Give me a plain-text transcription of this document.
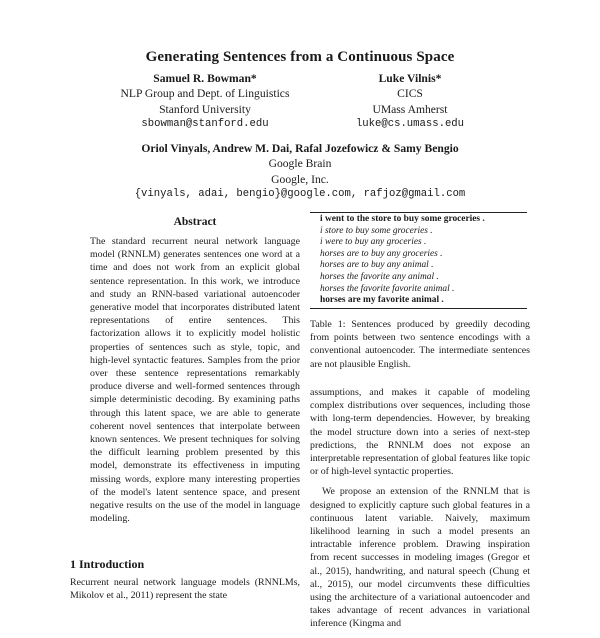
Generating Sentences from a Continuous Space
Samuel R. Bowman*
NLP Group and Dept. of Linguistics
Stanford University
sbowman@stanford.edu
Luke Vilnis*
CICS
UMass Amherst
luke@cs.umass.edu
Oriol Vinyals, Andrew M. Dai, Rafal Jozefowicz & Samy Bengio
Google Brain
Google, Inc.
{vinyals, adai, bengio}@google.com, rafjoz@gmail.com
Abstract
The standard recurrent neural network language model (RNNLM) generates sentences one word at a time and does not work from an explicit global sentence representation. In this work, we introduce and study an RNN-based variational autoencoder generative model that incorporates distributed latent representations of entire sentences. This factorization allows it to explicitly model holistic properties of sentences such as style, topic, and high-level syntactic features. Samples from the prior over these sentence representations remarkably produce diverse and well-formed sentences through simple deterministic decoding. By examining paths through this latent space, we are able to generate coherent novel sentences that interpolate between known sentences. We present techniques for solving the difficult learning problem presented by this model, demonstrate its effectiveness in imputing missing words, explore many interesting properties of the model's latent sentence space, and present negative results on the use of the model in language modeling.
i went to the store to buy some groceries .
i store to buy some groceries .
i were to buy any groceries .
horses are to buy any groceries .
horses are to buy any animal .
horses the favorite any animal .
horses the favorite favorite animal .
horses are my favorite animal .
Table 1: Sentences produced by greedily decoding from points between two sentence encodings with a conventional autoencoder. The intermediate sentences are not plausible English.

assumptions, and makes it capable of modeling complex distributions over sequences, including those with long-term dependencies. However, by breaking the model structure down into a series of next-step predictions, the RNNLM does not expose an interpretable representation of global features like topic or of high-level syntactic properties.

We propose an extension of the RNNLM that is designed to explicitly capture such global features in a continuous latent variable. Naively, maximum likelihood learning in such a model presents an intractable inference problem. Drawing inspiration from recent successes in modeling images (Gregor et al., 2015), handwriting, and natural speech (Chung et al., 2015), our model circumvents these difficulties using the architecture of a variational autoencoder and takes advantage of recent advances in variational inference (Kingma and

1 Introduction
Recurrent neural network language models (RNNLMs, Mikolov et al., 2011) represent the state
